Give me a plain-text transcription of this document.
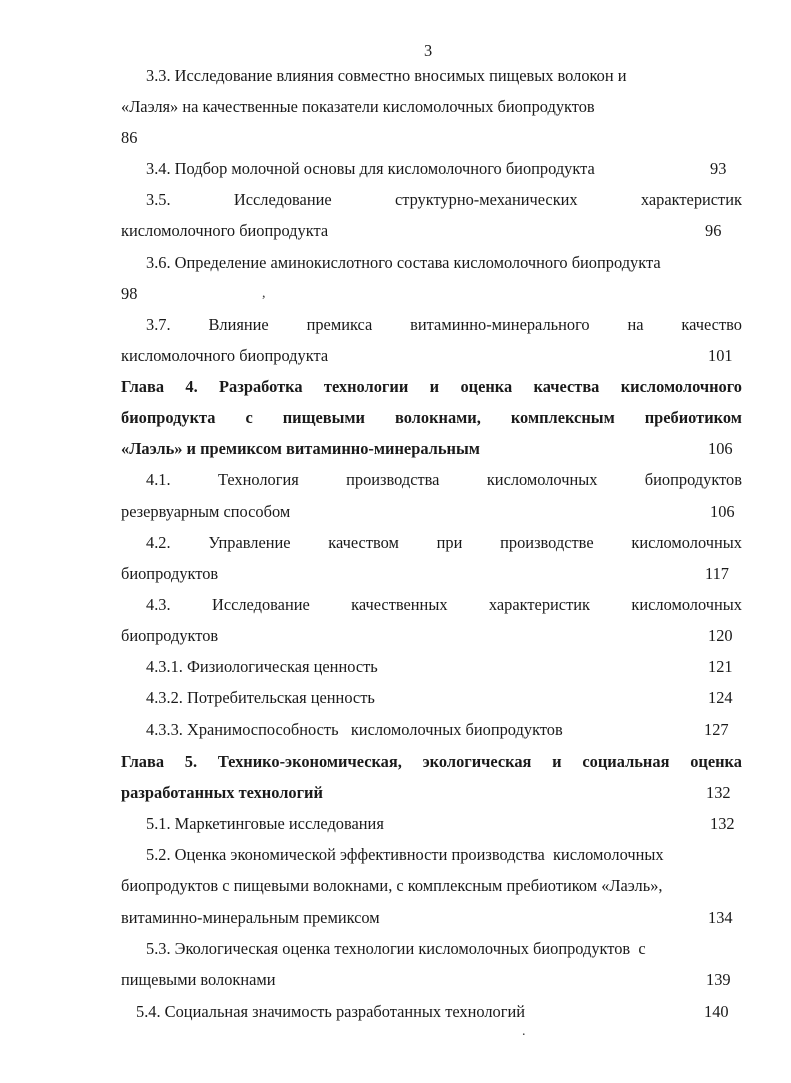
3
3.3. Исследование влияния совместно вносимых пищевых волокон и
«Лаэля» на качественные показатели кисломолочных биопродуктов
86
3.4. Подбор молочной основы для кисломолочного биопродукта	93
3.5.	Исследование	структурно-механических	характеристик
кисломолочного биопродукта	96
3.6. Определение аминокислотного состава кисломолочного биопродукта
98	,
3.7. Влияние премикса витаминно-минерального на качество
кисломолочного биопродукта	101
Глава 4. Разработка технологии и оценка качества кисломолочного
биопродукта с пищевыми волокнами, комплексным пребиотиком
«Лаэль» и премиксом витаминно-минеральным	106
4.1.	Технология	производства	кисломолочных	биопродуктов
резервуарным способом	106
4.2. Управление качеством при производстве кисломолочных
биопродуктов	117
4.3.	Исследование	качественных	характеристик	кисломолочных
биопродуктов	120
4.3.1. Физиологическая ценность	121
4.3.2. Потребительская ценность	124
4.3.3. Хранимоспособность   кисломолочных биопродуктов	127
Глава 5. Технико-экономическая, экологическая и социальная оценка
разработанных технологий	132
5.1. Маркетинговые исследования	132
5.2. Оценка экономической эффективности производства  кисломолочных
биопродуктов с пищевыми волокнами, с комплексным пребиотиком «Лаэль»,
витаминно-минеральным премиксом	134
5.3. Экологическая оценка технологии кисломолочных биопродуктов  с
пищевыми волокнами	139
5.4. Социальная значимость разработанных технологий	140
.
